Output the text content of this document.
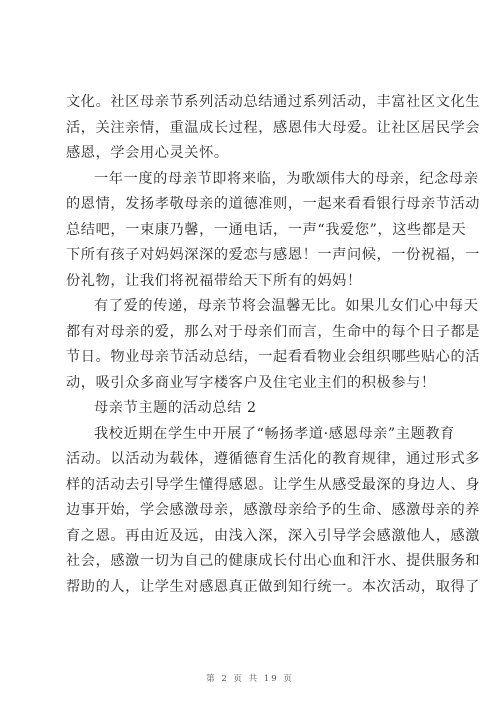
文化。社区母亲节系列活动总结通过系列活动，丰富社区文化生
活，关注亲情，重温成长过程，感恩伟大母爱。让社区居民学会
感恩，学会用心灵关怀。

一年一度的母亲节即将来临，为歌颂伟大的母亲，纪念母亲
的恩情，发扬孝敬母亲的道德准则，一起来看看银行母亲节活动
总结吧，一束康乃馨，一通电话，一声“我爱您”，这些都是天
下所有孩子对妈妈深深的爱恋与感恩！一声问候，一份祝福，一
份礼物，让我们将祝福带给天下所有的妈妈！

有了爱的传递，母亲节将会温馨无比。如果儿女们心中每天
都有对母亲的爱，那么对于母亲们而言，生命中的每个日子都是
节日。物业母亲节活动总结，一起看看物业会组织哪些贴心的活
动，吸引众多商业写字楼客户及住宅业主们的积极参与！

母亲节主题的活动总结 2

我校近期在学生中开展了“畅扬孝道·感恩母亲”主题教育
活动。以活动为载体，遵循德育生活化的教育规律，通过形式多
样的活动去引导学生懂得感恩。让学生从感受最深的身边人、身
边事开始，学会感激母亲，感激母亲给予的生命、感激母亲的养
育之恩。再由近及远，由浅入深，深入引导学会感激他人，感激
社会，感激一切为自己的健康成长付出心血和汗水、提供服务和
帮助的人，让学生对感恩真正做到知行统一。本次活动，取得了

第 2 页 共 19 页
